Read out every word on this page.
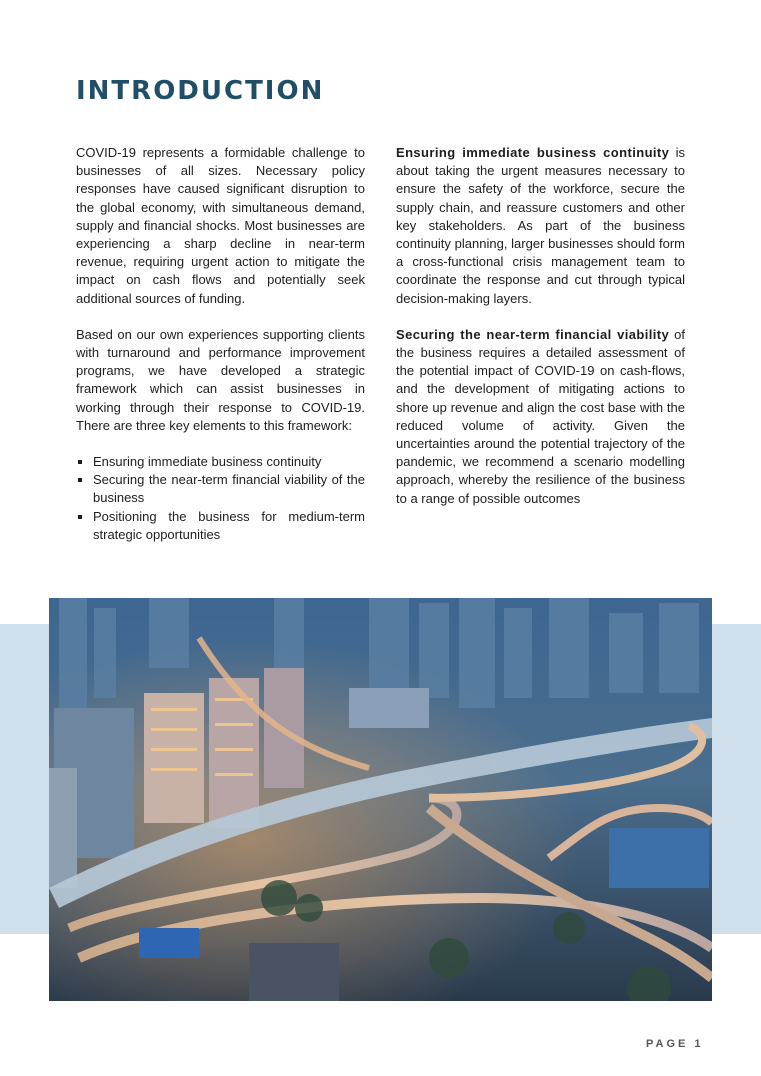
INTRODUCTION

COVID-19 represents a formidable challenge to businesses of all sizes. Necessary policy responses have caused significant disruption to the global economy, with simultaneous demand, supply and financial shocks. Most businesses are experiencing a sharp decline in near-term revenue, requiring urgent action to mitigate the impact on cash flows and potentially seek additional sources of funding.

Based on our own experiences supporting clients with turnaround and performance improvement programs, we have developed a strategic framework which can assist businesses in working through their response to COVID-19. There are three key elements to this framework:

Ensuring immediate business continuity
Securing the near-term financial viability of the business
Positioning the business for medium-term strategic opportunities

Ensuring immediate business continuity is about taking the urgent measures necessary to ensure the safety of the workforce, secure the supply chain, and reassure customers and other key stakeholders. As part of the business continuity planning, larger businesses should form a cross-functional crisis management team to coordinate the response and cut through typical decision-making layers.

Securing the near-term financial viability of the business requires a detailed assessment of the potential impact of COVID-19 on cash-flows, and the development of mitigating actions to shore up revenue and align the cost base with the reduced volume of activity. Given the uncertainties around the potential trajectory of the pandemic, we recommend a scenario modelling approach, whereby the resilience of the business to a range of possible outcomes

PAGE 1
